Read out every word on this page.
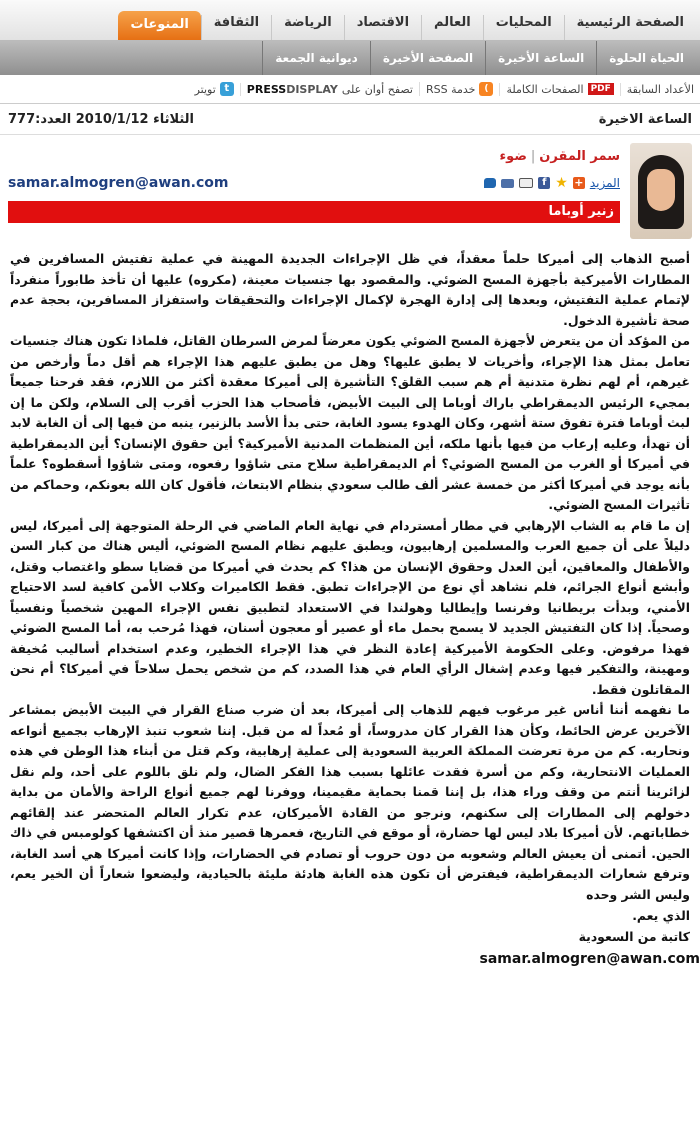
الصفحة الرئيسية
المحليات
العالم
الاقتصاد
الرياضة
الثقافة
المنوعات
الحياة الحلوة
الساعة الأخيرة
الصفحة الأخيرة
ديوانية الجمعة
الأعداد السابقة
PDF
الصفحات الكاملة
)
خدمة RSS
تصفح أوان على
PRESSDISPLAY
t
تويتر
الساعة الاخيرة
الثلاثاء 2010/1/12 العدد:777
سمر المقرن|ضوء
المزيد
+
★
f
samar.almogren@awan.com
زنير أوباما

أصبح الذهاب إلى أميركا حلماً معقداً، في ظل الإجراءات الجديدة المهينة في عملية تفتيش المسافرين في المطارات الأميركية بأجهزة المسح الضوئي. والمقصود بها جنسيات معينة، (مكروه) عليها أن تأخذ طابوراً منفرداً لإتمام عملية التفتيش، وبعدها إلى إدارة الهجرة لإكمال الإجراءات والتحقيقات واستفزاز المسافرين، بحجة عدم صحة تأشيرة الدخول.

من المؤكد أن من يتعرض لأجهزة المسح الضوئي يكون معرضاً لمرض السرطان القاتل، فلماذا تكون هناك جنسيات تعامل بمثل هذا الإجراء، وأخريات لا يطبق عليها؟ وهل من يطبق عليهم هذا الإجراء هم أقل دماً وأرخص من غيرهم، أم لهم نظرة متدنية أم هم سبب القلق؟ التأشيرة إلى أميركا معقدة أكثر من اللازم، فقد فرحنا جميعاً بمجيء الرئيس الديمقراطي باراك أوباما إلى البيت الأبيض، فأصحاب هذا الحزب أقرب إلى السلام، ولكن ما إن لبث أوباما فترة تفوق ستة أشهر، وكان الهدوء يسود الغابة، حتى بدأ الأسد بالزنير، ينبه من فيها إلى أن الغابة لابد أن تهدأ، وعليه إرعاب من فيها بأنها ملكه، أين المنظمات المدنية الأميركية؟ أين حقوق الإنسان؟ أين الديمقراطية في أميركا أو الغرب من المسح الضوئي؟ أم الديمقراطية سلاح متى شاؤوا رفعوه، ومتى شاؤوا أسقطوه؟ علماً بأنه يوجد في أميركا أكثر من خمسة عشر ألف طالب سعودي بنظام الابتعاث، فأقول كان الله بعونكم، وحماكم من تأثيرات المسح الضوئي.

إن ما قام به الشاب الإرهابي في مطار أمستردام في نهاية العام الماضي في الرحلة المتوجهة إلى أميركا، ليس دليلاً على أن جميع العرب والمسلمين إرهابيون، ويطبق عليهم نظام المسح الضوئي، أليس هناك من كبار السن والأطفال والمعاقين، أين العدل وحقوق الإنسان من هذا؟ كم يحدث في أميركا من قضايا سطو واغتصاب وقتل، وأبشع أنواع الجرائم، فلم نشاهد أي نوع من الإجراءات تطبق. فقط الكاميرات وكلاب الأمن كافية لسد الاحتياج الأمني، وبدأت بريطانيا وفرنسا وإيطاليا وهولندا في الاستعداد لتطبيق نفس الإجراء المهين شخصياً ونفسياً وصحياً. إذا كان التفتيش الجديد لا يسمح بحمل ماء أو عصير أو معجون أسنان، فهذا مُرحب به، أما المسح الضوئي فهذا مرفوض. وعلى الحكومة الأميركية إعادة النظر في هذا الإجراء الخطير، وعدم استخدام أساليب مُخيفة ومهينة، والتفكير فيها وعدم إشغال الرأي العام في هذا الصدد، كم من شخص يحمل سلاحاً في أميركا؟ أم نحن المقاتلون فقط.

ما نفهمه أننا أناس غير مرغوب فيهم للذهاب إلى أميركا، بعد أن ضرب صناع القرار في البيت الأبيض بمشاعر الآخرين عرض الحائط، وكأن هذا القرار كان مدروساً، أو مُعداً له من قبل. إننا شعوب تنبذ الإرهاب بجميع أنواعه ونحاربه. كم من مرة تعرضت المملكة العربية السعودية إلى عملية إرهابية، وكم قتل من أبناء هذا الوطن في هذه العمليات الانتحارية، وكم من أسرة فقدت عائلها بسبب هذا الفكر الضال، ولم نلق باللوم على أحد، ولم نقل لزائرينا أنتم من وقف وراء هذا، بل إننا قمنا بحماية مقيمينا، ووفرنا لهم جميع أنواع الراحة والأمان من بداية دخولهم إلى المطارات إلى سكنهم، ونرجو من القادة الأميركان، عدم تكرار العالم المتحضر عند إلقائهم خطاباتهم. لأن أميركا بلاد ليس لها حضارة، أو موقع في التاريخ، فعمرها قصير منذ أن اكتشفها كولومبس في ذاك الحين. أتمنى أن يعيش العالم وشعوبه من دون حروب أو تصادم في الحضارات، وإذا كانت أميركا هي أسد الغابة، وترفع شعارات الديمقراطية، فيفترض أن تكون هذه الغابة هادئة مليئة بالحيادية، وليضعوا شعاراً أن الخير يعم، وليس الشر وحده

الذي يعم.
كاتبة من السعودية
samar.almogren@awan.com
